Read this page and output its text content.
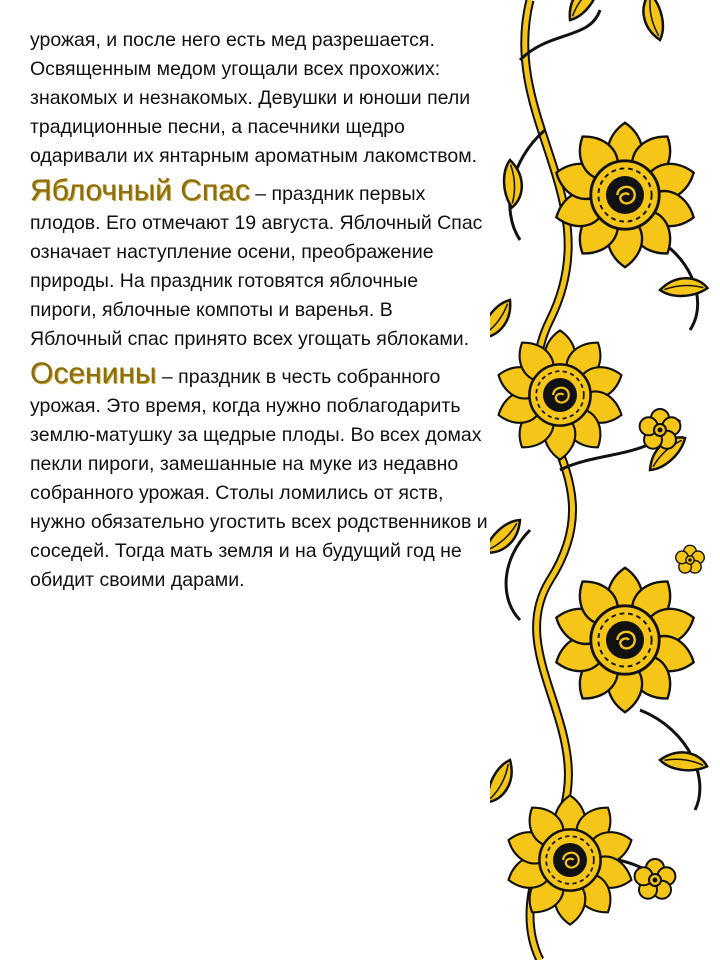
урожая, и после него есть мед разрешается. Освященным медом угощали всех прохожих: знакомых и незнакомых. Девушки и юноши пели традиционные песни, а пасечники щедро одаривали их янтарным ароматным лакомством.

Яблочный Спас – праздник первых плодов. Его отмечают 19 августа. Яблочный Спас означает наступление осени, преображение природы. На праздник готовятся яблочные пироги, яблочные компоты и варенья. В Яблочный спас принято всех угощать яблоками.

Осенины – праздник в честь собранного урожая. Это время, когда нужно поблагодарить землю-матушку за щедрые плоды. Во всех домах пекли пироги, замешанные на муке из недавно собранного урожая. Столы ломились от яств, нужно обязательно угостить всех родственников и соседей. Тогда мать земля и на будущий год не обидит своими дарами.
